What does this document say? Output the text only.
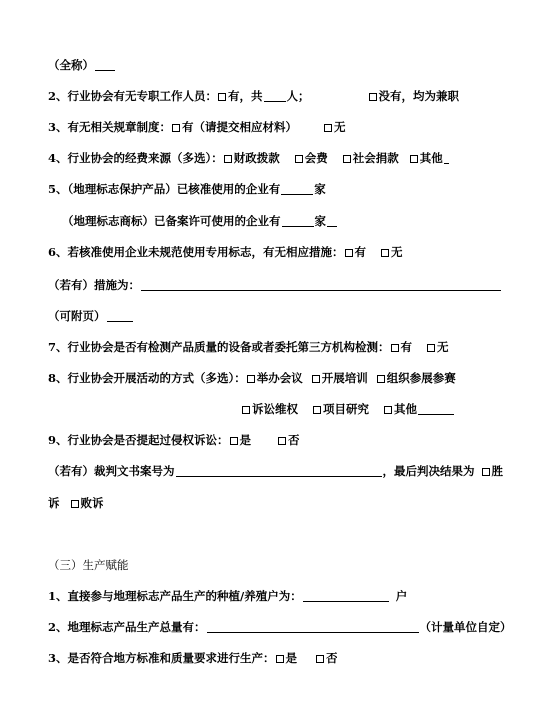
（全称）
2、行业协会有无专职工作人员： 有，共 人；	没有，均为兼职
3、有无相关规章制度： 有（请提交相应材料）	无
4、行业协会的经费来源（多选）： 财政拨款 会费 社会捐款 其他
5、（地理标志保护产品）已核准使用的企业有	家
（地理标志商标）已备案许可使用的企业有	家
6、若核准使用企业未规范使用专用标志，有无相应措施： 有 无
（若有）措施为：
（可附页）
7、行业协会是否有检测产品质量的设备或者委托第三方机构检测： 有 无
8、行业协会开展活动的方式（多选）： 举办会议 开展培训 组织参展参赛
诉讼维权 项目研究 其他
9、行业协会是否提起过侵权诉讼： 是	否
（若有）裁判文书案号为	，最后判决结果为 胜
诉 败诉
（三）生产赋能
1、直接参与地理标志产品生产的种植/养殖户为：	户
2、地理标志产品生产总量有：	（计量单位自定）
3、是否符合地方标准和质量要求进行生产： 是	否
